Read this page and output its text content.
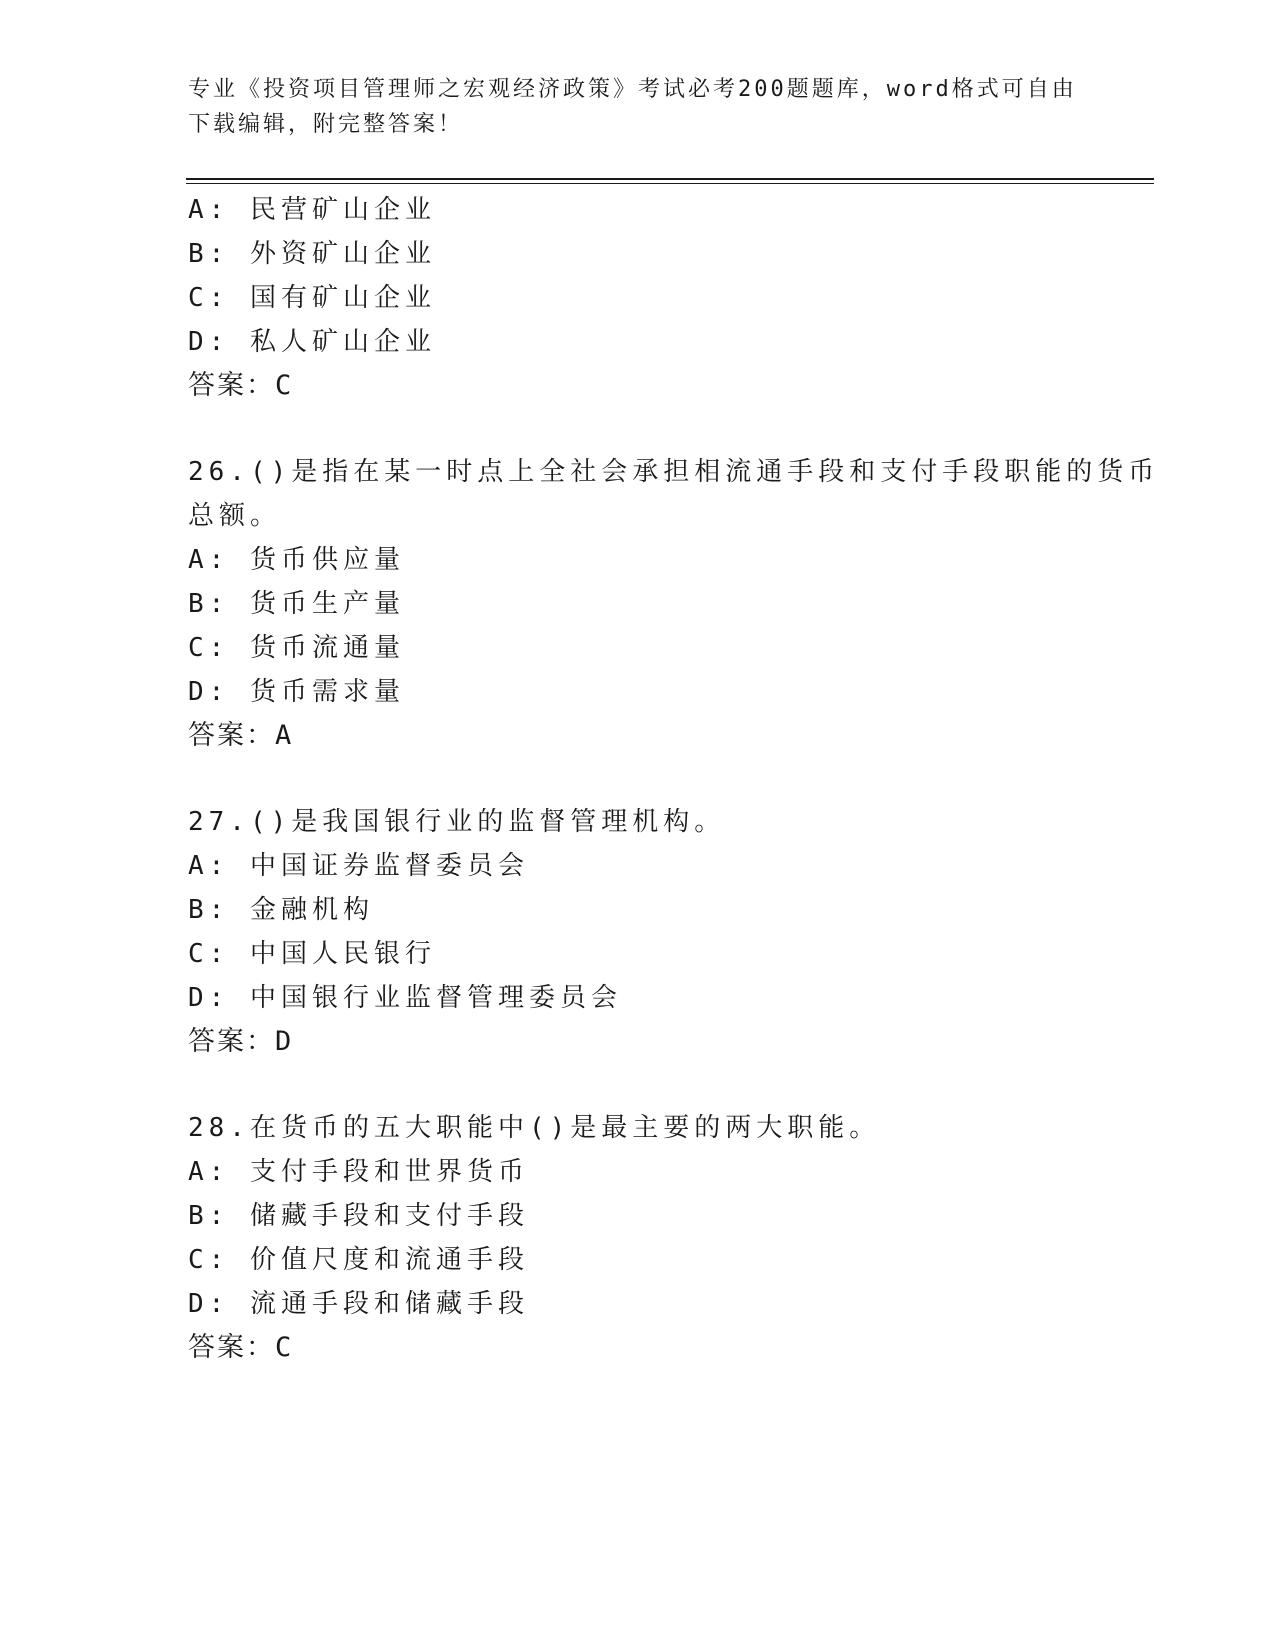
专业《投资项目管理师之宏观经济政策》考试必考200题题库，word格式可自由
下载编辑，附完整答案！
A: 民营矿山企业
B: 外资矿山企业
C: 国有矿山企业
D: 私人矿山企业
答案：C
26.()是指在某一时点上全社会承担相流通手段和支付手段职能的货币
总额。
A: 货币供应量
B: 货币生产量
C: 货币流通量
D: 货币需求量
答案：A
27.()是我国银行业的监督管理机构。
A: 中国证券监督委员会
B: 金融机构
C: 中国人民银行
D: 中国银行业监督管理委员会
答案：D
28.在货币的五大职能中()是最主要的两大职能。
A: 支付手段和世界货币
B: 储藏手段和支付手段
C: 价值尺度和流通手段
D: 流通手段和储藏手段
答案：C
